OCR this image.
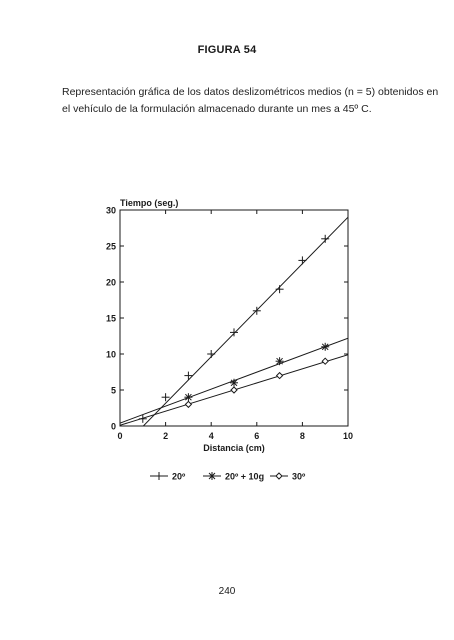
FIGURA 54
Representación gráfica de los datos deslizométricos medios (n = 5) obtenidos en
el vehículo de la formulación almacenado durante un mes a 45º C.
0
5
10
15
20
25
30
0	2	4	6	8	10
Tiempo (seg.)
Distancia (cm)
20º	20º + 10g	30º
240
